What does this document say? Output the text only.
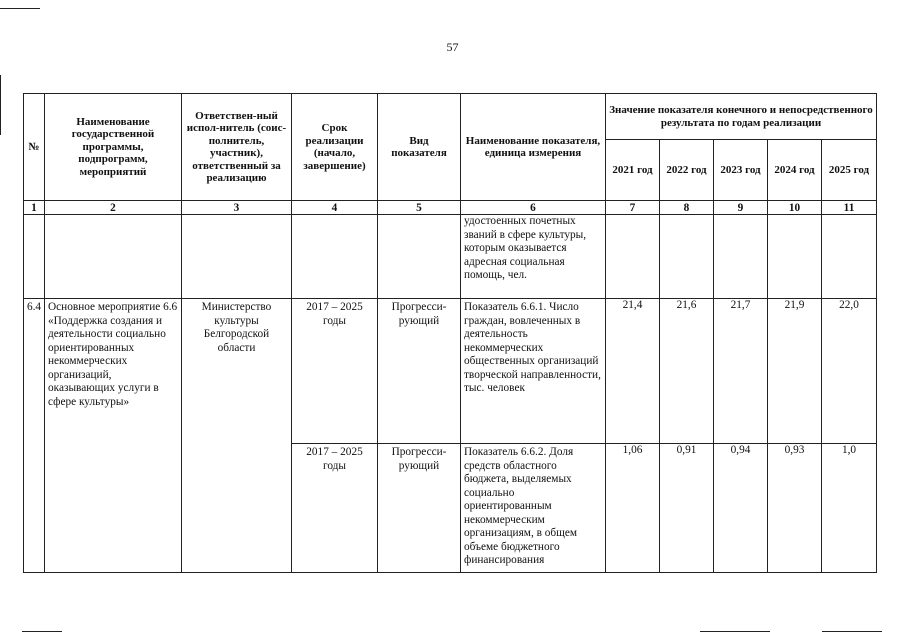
57
№	Наименование государственной программы, подпрограмм, мероприятий	Ответствен-ный испол-нитель (соис-полнитель, участник), ответственный за реализацию	Срок реализации (начало, завершение)	Вид показателя	Наименование показателя, единица измерения	Значение показателя конечного и непосредственного результата по годам реализации				
						2021 год	2022 год	2023 год	2024 год	2025 год
1	2	3	4	5	6	7	8	9	10	11
					удостоенных почетных званий в сфере культуры, которым оказывается адресная социальная помощь, чел.					
6.4	Основное мероприятие 6.6 «Поддержка создания и деятельности социально ориентированных некоммерческих организаций, оказывающих услуги в сфере культуры»	Министерство культуры Белгородской области	2017 – 2025 годы	Прогресси-рующий	Показатель 6.6.1. Число граждан, вовлеченных в деятельность некоммерческих общественных организаций творческой направленности, тыс. человек	21,4	21,6	21,7	21,9	22,0
			2017 – 2025 годы	Прогресси-рующий	Показатель 6.6.2. Доля средств областного бюджета, выделяемых социально ориентированным некоммерческим организациям, в общем объеме бюджетного финансирования	1,06	0,91	0,94	0,93	1,0
